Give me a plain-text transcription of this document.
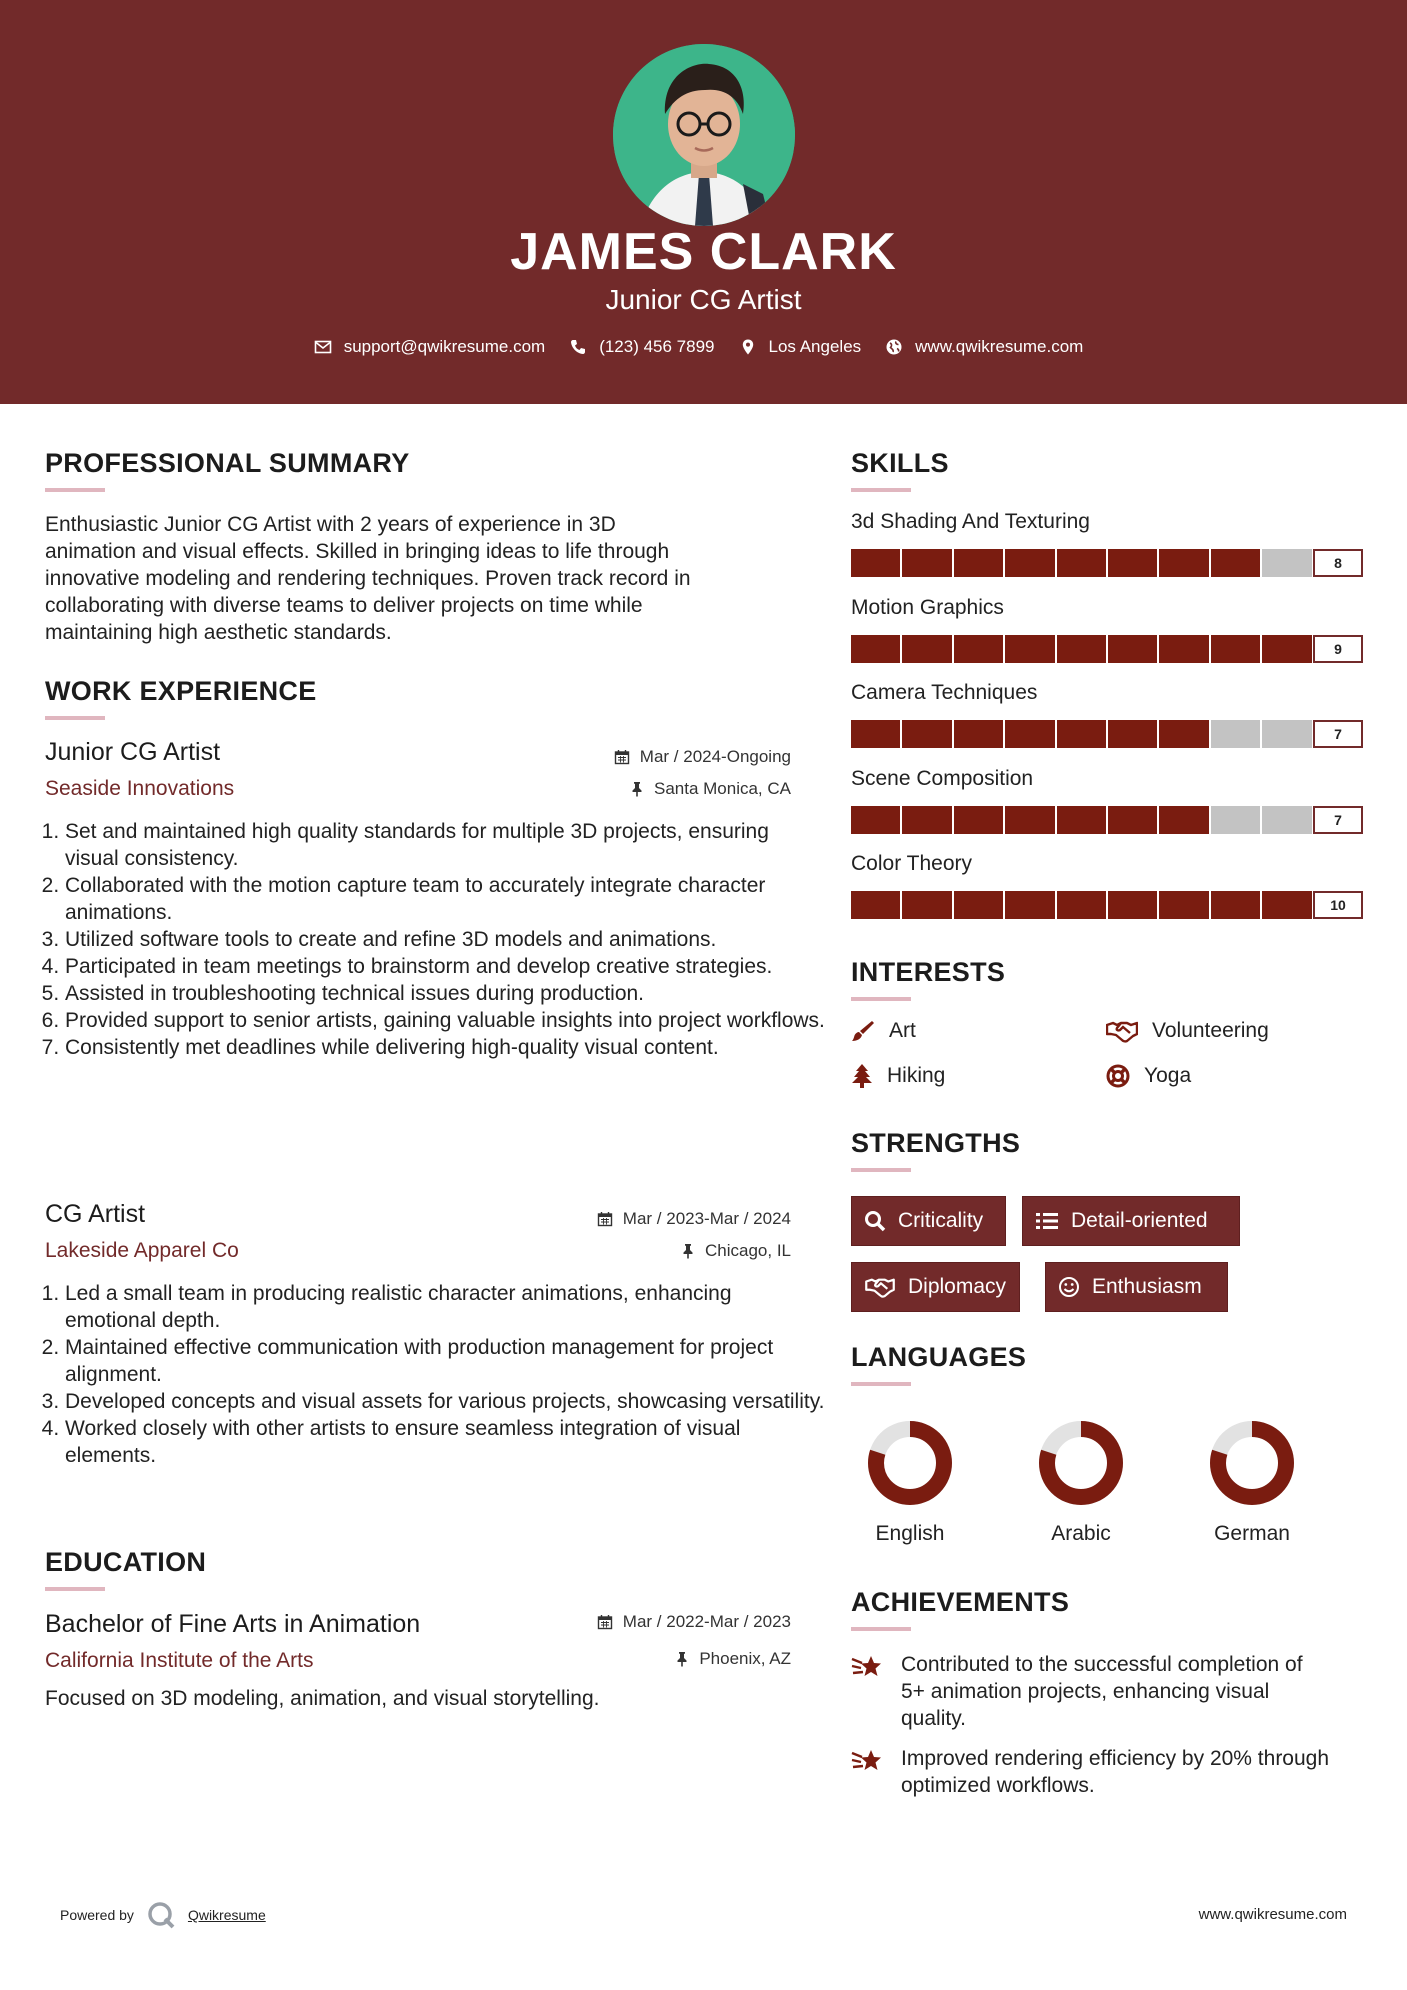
JAMES CLARK
Junior CG Artist
support@qwikresume.com	(123) 456 7899	Los Angeles	www.qwikresume.com
PROFESSIONAL SUMMARY
Enthusiastic Junior CG Artist with 2 years of experience in 3D
animation and visual effects. Skilled in bringing ideas to life through
innovative modeling and rendering techniques. Proven track record in
collaborating with diverse teams to deliver projects on time while
maintaining high aesthetic standards.
WORK EXPERIENCE
Junior CG Artist	Mar / 2024-Ongoing
Seaside Innovations	Santa Monica, CA
1. Set and maintained high quality standards for multiple 3D projects, ensuring visual consistency.
2. Collaborated with the motion capture team to accurately integrate character animations.
3. Utilized software tools to create and refine 3D models and animations.
4. Participated in team meetings to brainstorm and develop creative strategies.
5. Assisted in troubleshooting technical issues during production.
6. Provided support to senior artists, gaining valuable insights into project workflows.
7. Consistently met deadlines while delivering high-quality visual content.
CG Artist	Mar / 2023-Mar / 2024
Lakeside Apparel Co	Chicago, IL
1. Led a small team in producing realistic character animations, enhancing emotional depth.
2. Maintained effective communication with production management for project alignment.
3. Developed concepts and visual assets for various projects, showcasing versatility.
4. Worked closely with other artists to ensure seamless integration of visual elements.
EDUCATION
Bachelor of Fine Arts in Animation	Mar / 2022-Mar / 2023
California Institute of the Arts	Phoenix, AZ
Focused on 3D modeling, animation, and visual storytelling.
SKILLS
3d Shading And Texturing
8
Motion Graphics
9
Camera Techniques
7
Scene Composition
7
Color Theory
10
INTERESTS
Art	Volunteering
Hiking	Yoga
STRENGTHS
Criticality	Detail-oriented
Diplomacy	Enthusiasm
LANGUAGES
English	Arabic	German
ACHIEVEMENTS
Contributed to the successful completion of 5+ animation projects, enhancing visual quality.
Improved rendering efficiency by 20% through optimized workflows.
Powered by	Qwikresume	www.qwikresume.com
